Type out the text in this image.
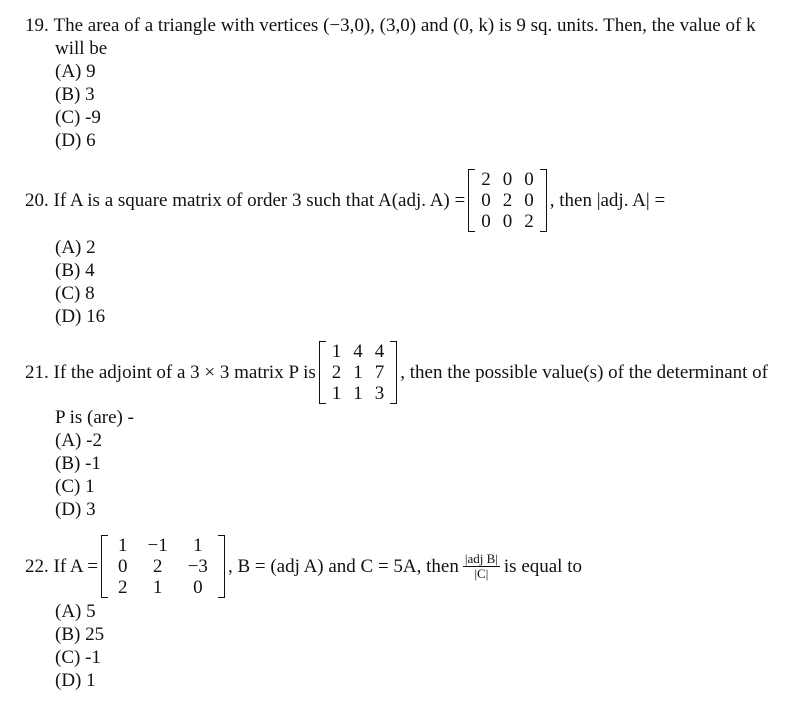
19.
The area of a triangle with vertices (−3,0), (3,0) and (0, k) is 9 sq. units. Then, the value of k
will be
(A) 9
(B) 3
(C) -9
(D) 6
20.
If A is a square matrix of order 3 such that A(adj. A) =
2	0	0
0	2	0
0	0	2
, then |adj. A| =
(A) 2
(B) 4
(C) 8
(D) 16
21.
If the adjoint of a 3 × 3 matrix P is
1	4	4
2	1	7
1	1	3
, then the possible value(s) of the determinant of
P is (are) -
(A) -2
(B) -1
(C) 1
(D) 3
22.
If A =
1	−1	1
0	2	−3
2	1	0
, B = (adj A) and C = 5A, then $\frac{\text{|adj B|}}{|C|}$ is equal to
(A) 5
(B) 25
(C) -1
(D) 1
